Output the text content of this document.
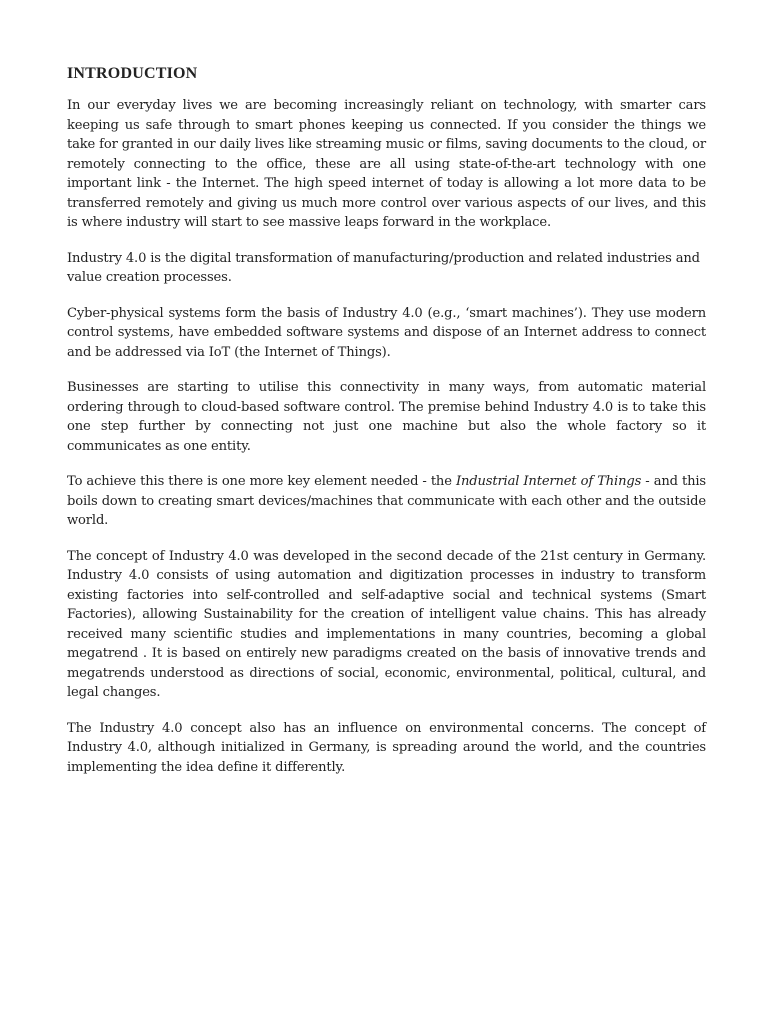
INTRODUCTION

In our everyday lives we are becoming increasingly reliant on technology, with smarter cars keeping us safe through to smart phones keeping us connected. If you consider the things we take for granted in our daily lives like streaming music or films, saving documents to the cloud, or remotely connecting to the office, these are all using state-of-the-art technology with one important link - the Internet. The high speed internet of today is allowing a lot more data to be transferred remotely and giving us much more control over various aspects of our lives, and this is where industry will start to see massive leaps forward in the workplace.

Industry 4.0 is the digital transformation of manufacturing/production and related industries and value creation processes.

Cyber-physical systems form the basis of Industry 4.0 (e.g., ‘smart machines’). They use modern control systems, have embedded software systems and dispose of an Internet address to connect and be addressed via IoT (the Internet of Things).

Businesses are starting to utilise this connectivity in many ways, from automatic material ordering through to cloud-based software control. The premise behind Industry 4.0 is to take this one step further by connecting not just one machine but also the whole factory so it communicates as one entity.

To achieve this there is one more key element needed - the Industrial Internet of Things - and this boils down to creating smart devices/machines that communicate with each other and the outside world.

The concept of Industry 4.0 was developed in the second decade of the 21st century in Germany. Industry 4.0 consists of using automation and digitization processes in industry to transform existing factories into self-controlled and self-adaptive social and technical systems (Smart Factories), allowing Sustainability for the creation of intelligent value chains. This has already received many scientific studies and implementations in many countries, becoming a global megatrend . It is based on entirely new paradigms created on the basis of innovative trends and megatrends understood as directions of social, economic, environmental, political, cultural, and legal changes.

The Industry 4.0 concept also has an influence on environmental concerns. The concept of Industry 4.0, although initialized in Germany, is spreading around the world, and the countries implementing the idea define it differently.
